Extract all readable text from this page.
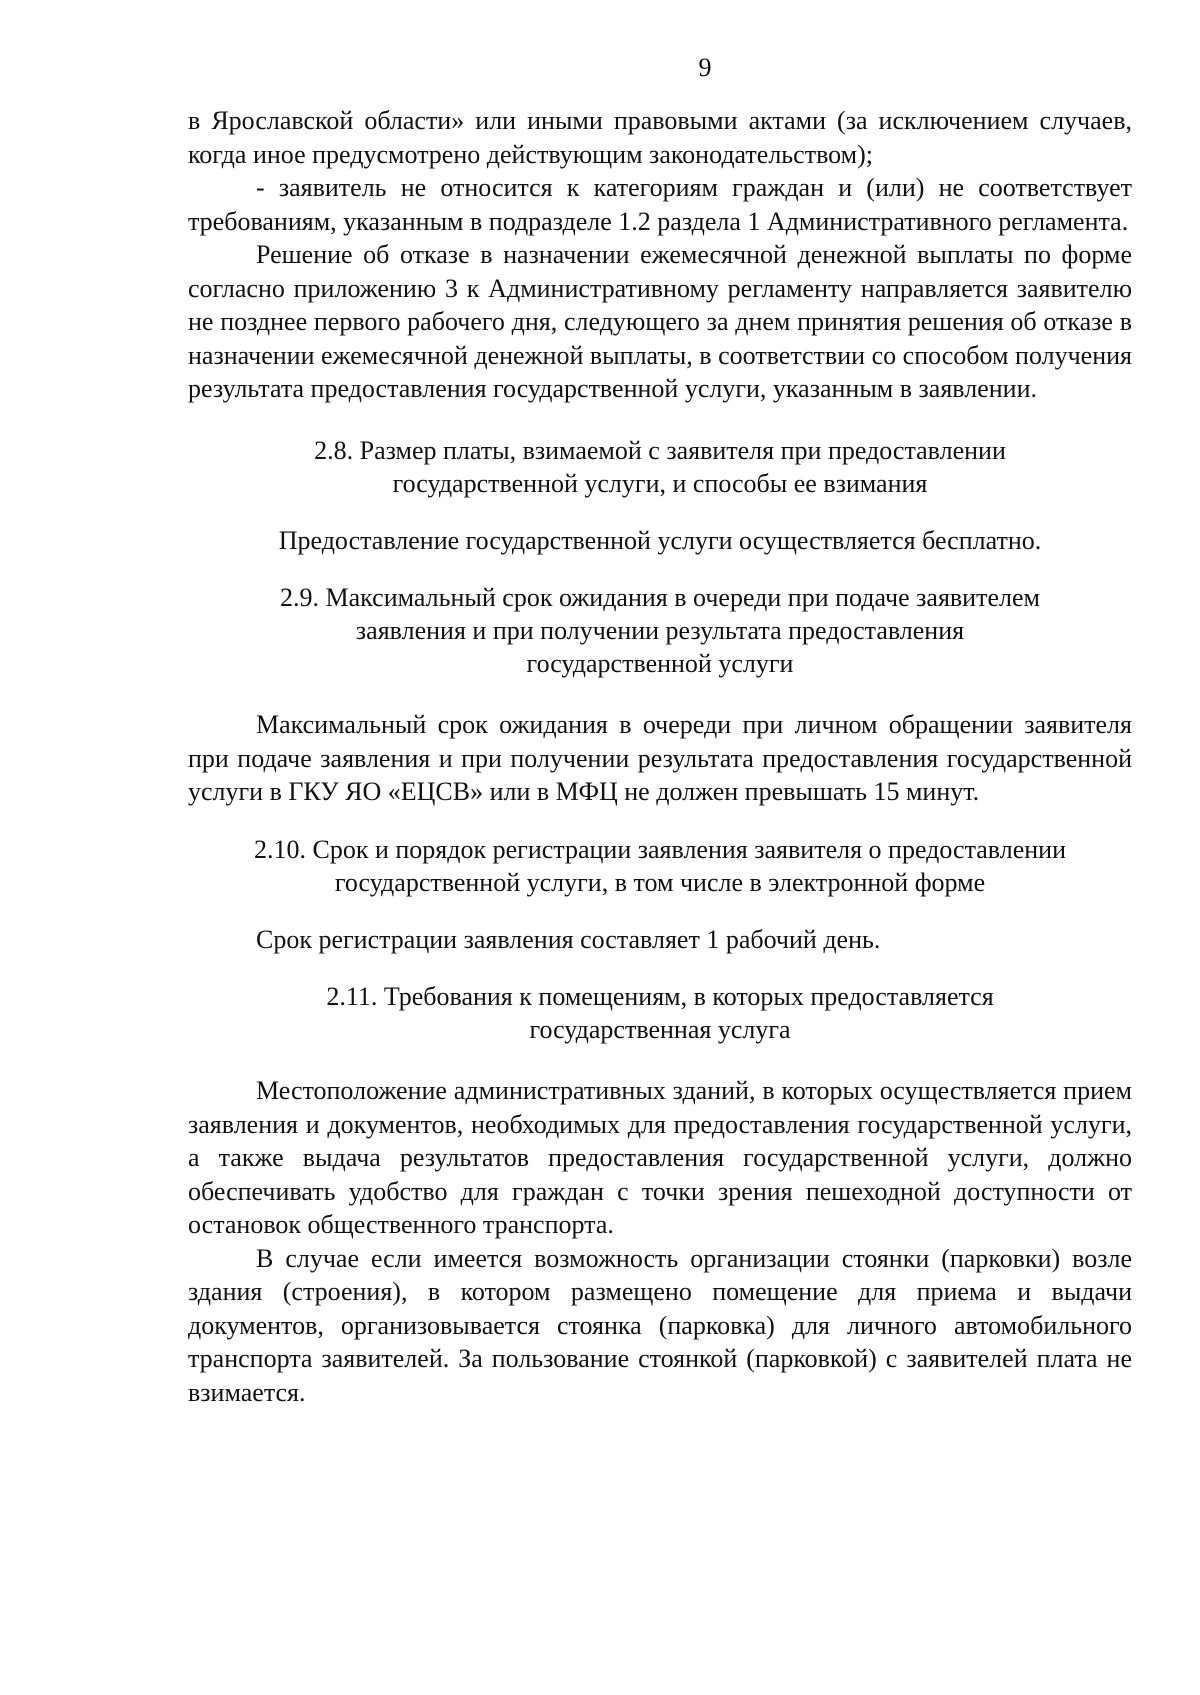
9

в Ярославской области» или иными правовыми актами (за исключением случаев, когда иное предусмотрено действующим законодательством);

- заявитель не относится к категориям граждан и (или) не соответствует требованиям, указанным в подразделе 1.2 раздела 1 Административного регламента.

Решение об отказе в назначении ежемесячной денежной выплаты по форме согласно приложению 3 к Административному регламенту направляется заявителю не позднее первого рабочего дня, следующего за днем принятия решения об отказе в назначении ежемесячной денежной выплаты, в соответствии со способом получения результата предоставления государственной услуги, указанным в заявлении.

2.8. Размер платы, взимаемой с заявителя при предоставлении
государственной услуги, и способы ее взимания

Предоставление государственной услуги осуществляется бесплатно.

2.9. Максимальный срок ожидания в очереди при подаче заявителем
заявления и при получении результата предоставления
государственной услуги

Максимальный срок ожидания в очереди при личном обращении заявителя при подаче заявления и при получении результата предоставления государственной услуги в ГКУ ЯО «ЕЦСВ» или в МФЦ не должен превышать 15 минут.

2.10. Срок и порядок регистрации заявления заявителя о предоставлении
государственной услуги, в том числе в электронной форме

Срок регистрации заявления составляет 1 рабочий день.

2.11. Требования к помещениям, в которых предоставляется
государственная услуга

Местоположение административных зданий, в которых осуществляется прием заявления и документов, необходимых для предоставления государственной услуги, а также выдача результатов предоставления государственной услуги, должно обеспечивать удобство для граждан с точки зрения пешеходной доступности от остановок общественного транспорта.

В случае если имеется возможность организации стоянки (парковки) возле здания (строения), в котором размещено помещение для приема и выдачи документов, организовывается стоянка (парковка) для личного автомобильного транспорта заявителей. За пользование стоянкой (парковкой) с заявителей плата не взимается.
